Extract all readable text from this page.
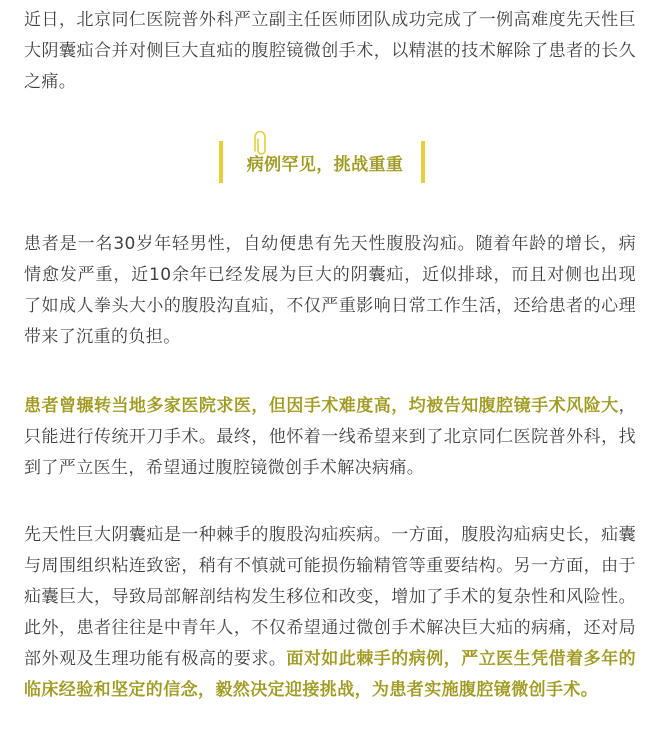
近日，北京同仁医院普外科严立副主任医师团队成功完成了一例高难度先天性巨大阴囊疝合并对侧巨大直疝的腹腔镜微创手术，以精湛的技术解除了患者的长久之痛。

病例罕见，挑战重重

患者是一名30岁年轻男性，自幼便患有先天性腹股沟疝。随着年龄的增长，病情愈发严重，近10余年已经发展为巨大的阴囊疝，近似排球，而且对侧也出现了如成人拳头大小的腹股沟直疝，不仅严重影响日常工作生活，还给患者的心理带来了沉重的负担。

患者曾辗转当地多家医院求医，但因手术难度高，均被告知腹腔镜手术风险大，只能进行传统开刀手术。最终，他怀着一线希望来到了北京同仁医院普外科，找到了严立医生，希望通过腹腔镜微创手术解决病痛。

先天性巨大阴囊疝是一种棘手的腹股沟疝疾病。一方面，腹股沟疝病史长，疝囊与周围组织粘连致密，稍有不慎就可能损伤输精管等重要结构。另一方面，由于疝囊巨大，导致局部解剖结构发生移位和改变，增加了手术的复杂性和风险性。此外，患者往往是中青年人，不仅希望通过微创手术解决巨大疝的病痛，还对局部外观及生理功能有极高的要求。面对如此棘手的病例，严立医生凭借着多年的临床经验和坚定的信念，毅然决定迎接挑战，为患者实施腹腔镜微创手术。
